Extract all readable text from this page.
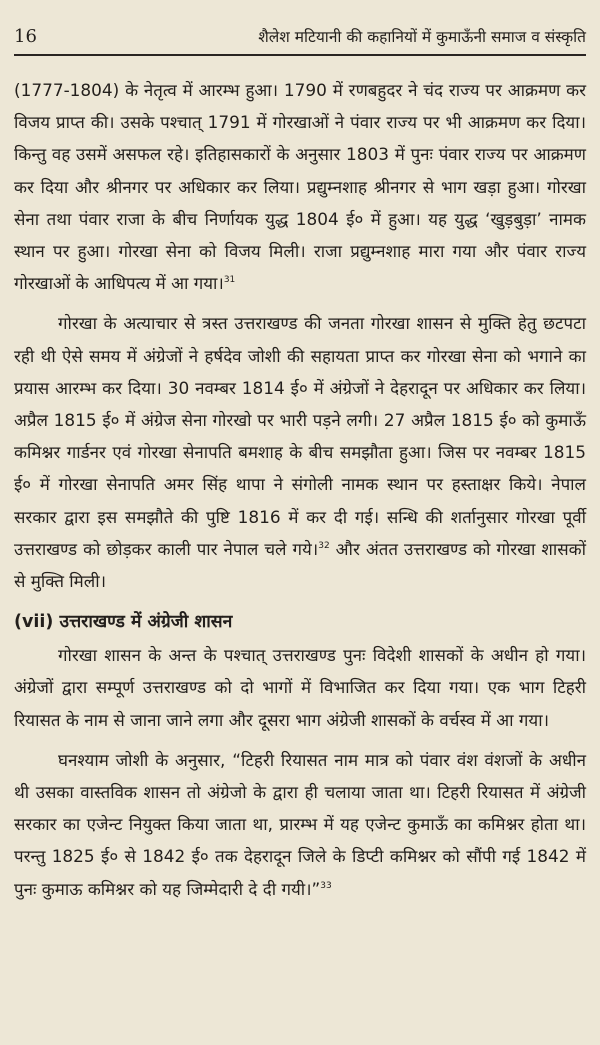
16	शैलेश मटियानी की कहानियों में कुमाऊँनी समाज व संस्कृति

(1777-1804) के नेतृत्व में आरम्भ हुआ। 1790 में रणबहुदर ने चंद राज्य पर आक्रमण कर विजय प्राप्त की। उसके पश्चात् 1791 में गोरखाओं ने पंवार राज्य पर भी आक्रमण कर दिया। किन्तु वह उसमें असफल रहे। इतिहासकारों के अनुसार 1803 में पुनः पंवार राज्य पर आक्रमण कर दिया और श्रीनगर पर अधिकार कर लिया। प्रद्युम्नशाह श्रीनगर से भाग खड़ा हुआ। गोरखा सेना तथा पंवार राजा के बीच निर्णायक युद्ध 1804 ई० में हुआ। यह युद्ध ‘खुड़बुड़ा’ नामक स्थान पर हुआ। गोरखा सेना को विजय मिली। राजा प्रद्युम्नशाह मारा गया और पंवार राज्य गोरखाओं के आधिपत्य में आ गया।$^{31}$

गोरखा के अत्याचार से त्रस्त उत्तराखण्ड की जनता गोरखा शासन से मुक्ति हेतु छटपटा रही थी ऐसे समय में अंग्रेजों ने हर्षदेव जोशी की सहायता प्राप्त कर गोरखा सेना को भगाने का प्रयास आरम्भ कर दिया। 30 नवम्बर 1814 ई० में अंग्रेजों ने देहरादून पर अधिकार कर लिया। अप्रैल 1815 ई० में अंग्रेज सेना गोरखो पर भारी पड़ने लगी। 27 अप्रैल 1815 ई० को कुमाऊँ कमिश्नर गार्डनर एवं गोरखा सेनापति बमशाह के बीच समझौता हुआ। जिस पर नवम्बर 1815 ई० में गोरखा सेनापति अमर सिंह थापा ने संगोली नामक स्थान पर हस्ताक्षर किये। नेपाल सरकार द्वारा इस समझौते की पुष्टि 1816 में कर दी गई। सन्धि की शर्तानुसार गोरखा पूर्वी उत्तराखण्ड को छोड़कर काली पार नेपाल चले गये।$^{32}$ और अंतत उत्तराखण्ड को गोरखा शासकों से मुक्ति मिली।

(vii) उत्तराखण्ड में अंग्रेजी शासन

गोरखा शासन के अन्त के पश्चात् उत्तराखण्ड पुनः विदेशी शासकों के अधीन हो गया। अंग्रेजों द्वारा सम्पूर्ण उत्तराखण्ड को दो भागों में विभाजित कर दिया गया। एक भाग टिहरी रियासत के नाम से जाना जाने लगा और दूसरा भाग अंग्रेजी शासकों के वर्चस्व में आ गया।

घनश्याम जोशी के अनुसार, “टिहरी रियासत नाम मात्र को पंवार वंश वंशजों के अधीन थी उसका वास्तविक शासन तो अंग्रेजो के द्वारा ही चलाया जाता था। टिहरी रियासत में अंग्रेजी सरकार का एजेन्ट नियुक्त किया जाता था, प्रारम्भ में यह एजेन्ट कुमाऊँ का कमिश्नर होता था। परन्तु 1825 ई० से 1842 ई० तक देहरादून जिले के डिप्टी कमिश्नर को सौंपी गई 1842 में पुनः कुमाऊ कमिश्नर को यह जिम्मेदारी दे दी गयी।”$^{33}$
